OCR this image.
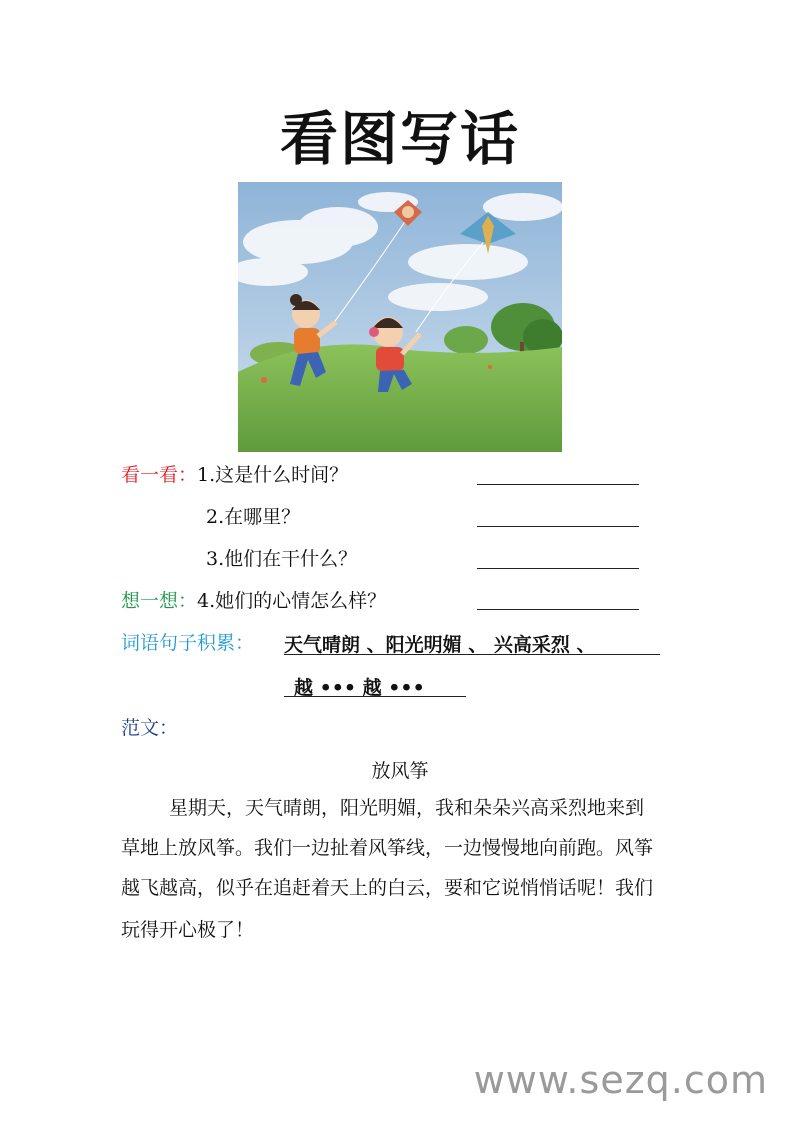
看图写话
看一看：1.这是什么时间？
2.在哪里？
3.他们在干什么？
想一想：4.她们的心情怎么样？
词语句子积累： 天气晴朗 、阳光明媚 、 兴高采烈 、
越 ••• 越 •••
范文：
放风筝
星期天，天气晴朗，阳光明媚，我和朵朵兴高采烈地来到
草地上放风筝。我们一边扯着风筝线，一边慢慢地向前跑。风筝
越飞越高，似乎在追赶着天上的白云，要和它说悄悄话呢！我们
玩得开心极了！
www.sezq.com
